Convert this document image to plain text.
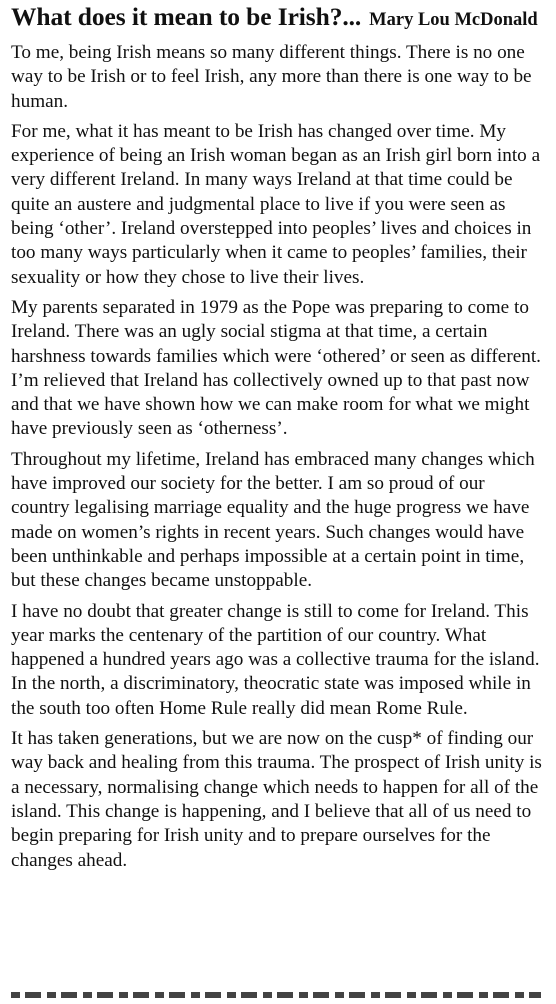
What does it mean to be Irish?... Mary Lou McDonald

To me, being Irish means so many different things. There is no one way to be Irish or to feel Irish, any more than there is one way to be human.

For me, what it has meant to be Irish has changed over time. My experience of being an Irish woman began as an Irish girl born into a very different Ireland. In many ways Ireland at that time could be quite an austere and judgmental place to live if you were seen as being ‘other’. Ireland overstepped into peoples’ lives and choices in too many ways particularly when it came to peoples’ families, their sexuality or how they chose to live their lives.

My parents separated in 1979 as the Pope was preparing to come to Ireland. There was an ugly social stigma at that time, a certain harshness towards families which were ‘othered’ or seen as different. I’m relieved that Ireland has collectively owned up to that past now and that we have shown how we can make room for what we might have previously seen as ‘otherness’.

Throughout my lifetime, Ireland has embraced many changes which have improved our society for the better. I am so proud of our country legalising marriage equality and the huge progress we have made on women’s rights in recent years. Such changes would have been unthinkable and perhaps impossible at a certain point in time, but these changes became unstoppable.

I have no doubt that greater change is still to come for Ireland. This year marks the centenary of the partition of our country. What happened a hundred years ago was a collective trauma for the island. In the north, a discriminatory, theocratic state was imposed while in the south too often Home Rule really did mean Rome Rule.

It has taken generations, but we are now on the cusp* of finding our way back and healing from this trauma. The prospect of Irish unity is a necessary, normalising change which needs to happen for all of the island. This change is happening, and I believe that all of us need to begin preparing for Irish unity and to prepare ourselves for the changes ahead.
